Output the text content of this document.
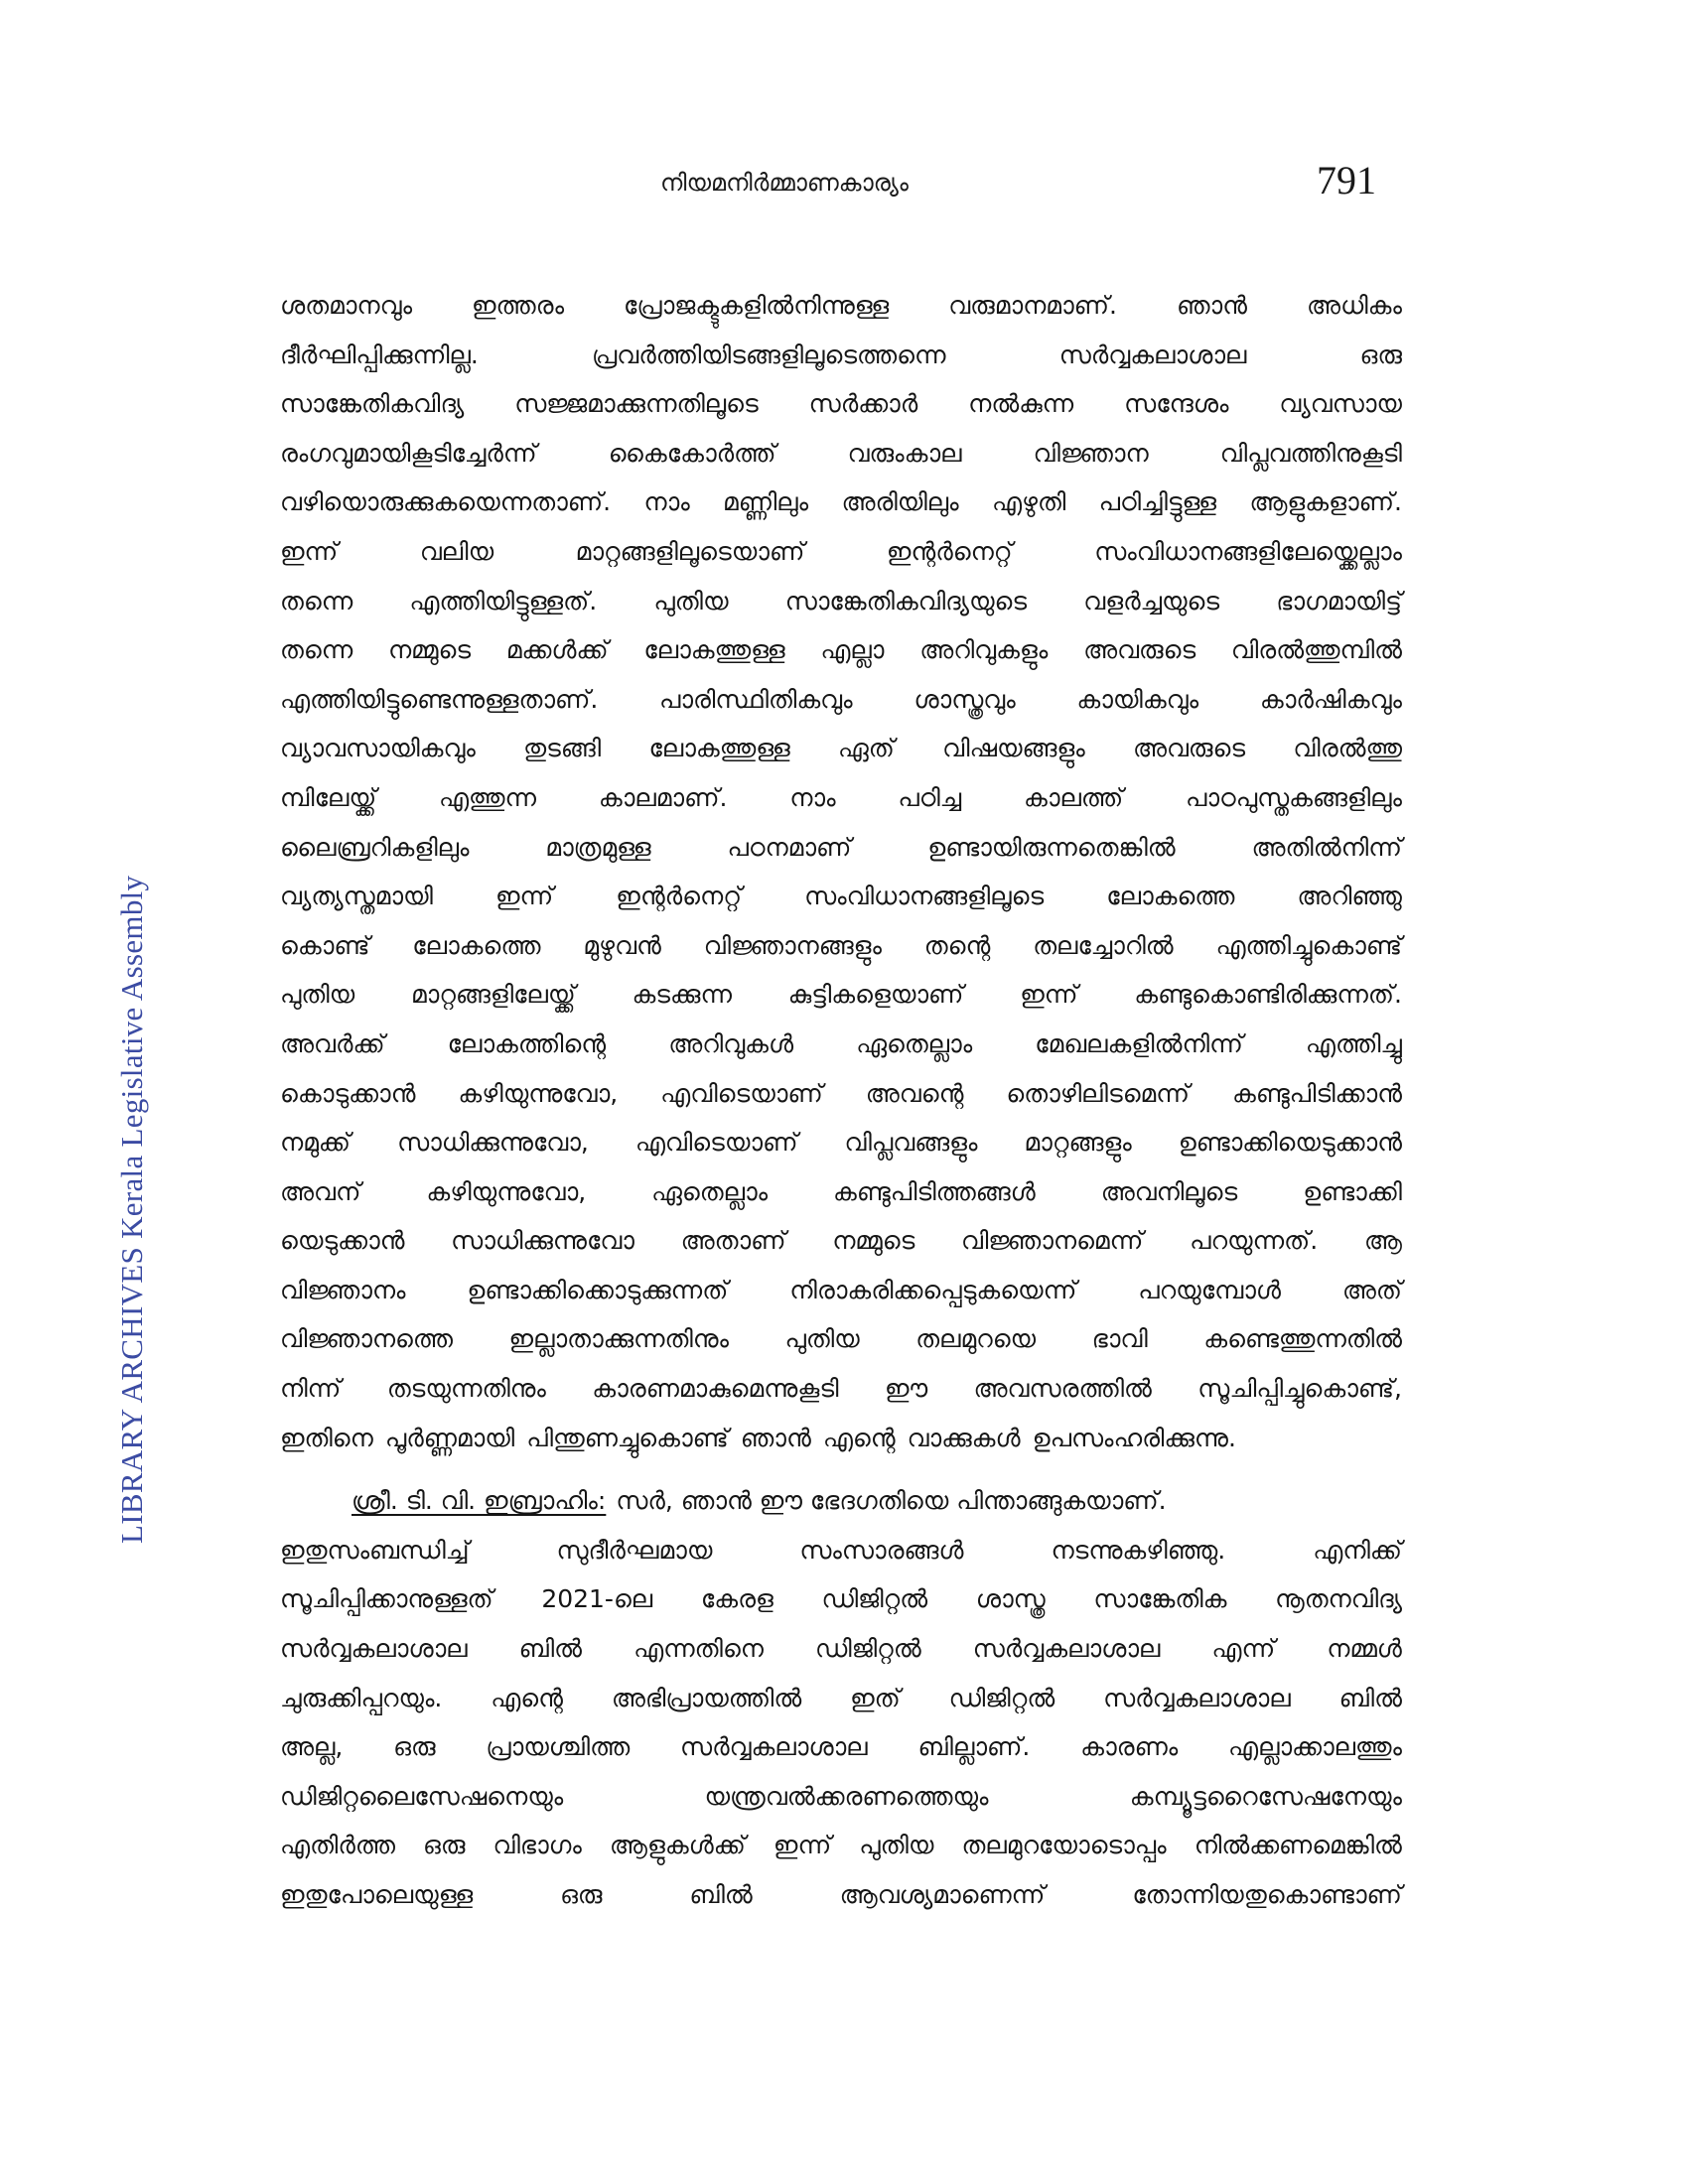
നിയമനിർമ്മാണകാര്യം	791
LIBRARY ARCHIVES Kerala Legislative Assembly
ശതമാനവും ഇത്തരം പ്രോജക്ടുകളിൽനിന്നുള്ള വരുമാനമാണ്. ഞാൻ അധികം
ദീർഘിപ്പിക്കുന്നില്ല.	പ്രവർത്തിയിടങ്ങളിലൂടെത്തന്നെ	സർവ്വകലാശാല	ഒരു
സാങ്കേതികവിദ്യ സജ്ജമാക്കുന്നതിലൂടെ സർക്കാർ നൽകുന്ന സന്ദേശം വ്യവസായ
രംഗവുമായികൂടിച്ചേർന്ന്	കൈകോർത്ത്	വരുംകാല	വിജ്ഞാന	വിപ്ലവത്തിനുകൂടി
വഴിയൊരുക്കുകയെന്നതാണ്. നാം മണ്ണിലും അരിയിലും എഴുതി പഠിച്ചിട്ടുള്ള ആളുകളാണ്.
ഇന്ന്	വലിയ	മാറ്റങ്ങളിലൂടെയാണ്	ഇന്റർനെറ്റ്	സംവിധാനങ്ങളിലേയ്ക്കെല്ലാം
തന്നെ എത്തിയിട്ടുള്ളത്. പുതിയ സാങ്കേതികവിദ്യയുടെ വളർച്ചയുടെ ഭാഗമായിട്ട്
തന്നെ നമ്മുടെ മക്കൾക്ക് ലോകത്തുള്ള എല്ലാ അറിവുകളും അവരുടെ വിരൽത്തുമ്പിൽ
എത്തിയിട്ടുണ്ടെന്നുള്ളതാണ്. പാരിസ്ഥിതികവും ശാസ്ത്രവും കായികവും കാർഷികവും
വ്യാവസായികവും തുടങ്ങി ലോകത്തുള്ള ഏത് വിഷയങ്ങളും അവരുടെ വിരൽത്തു
മ്പിലേയ്ക്ക്	എത്തുന്ന	കാലമാണ്.	നാം	പഠിച്ച	കാലത്ത്	പാഠപുസ്തകങ്ങളിലും
ലൈബ്രറികളിലും	മാത്രമുള്ള	പഠനമാണ്	ഉണ്ടായിരുന്നതെങ്കിൽ	അതിൽനിന്ന്
വ്യത്യസ്തമായി	ഇന്ന്	ഇന്റർനെറ്റ്	സംവിധാനങ്ങളിലൂടെ	ലോകത്തെ	അറിഞ്ഞു
കൊണ്ട് ലോകത്തെ മുഴുവൻ വിജ്ഞാനങ്ങളും തന്റെ തലച്ചോറിൽ എത്തിച്ചുകൊണ്ട്
പുതിയ മാറ്റങ്ങളിലേയ്ക്ക് കടക്കുന്ന കുട്ടികളെയാണ് ഇന്ന് കണ്ടുകൊണ്ടിരിക്കുന്നത്.
അവർക്ക്	ലോകത്തിന്റെ	അറിവുകൾ	ഏതെല്ലാം	മേഖലകളിൽനിന്ന്	എത്തിച്ചു
കൊടുക്കാൻ കഴിയുന്നുവോ, എവിടെയാണ് അവന്റെ തൊഴിലിടമെന്ന് കണ്ടുപിടിക്കാൻ
നമുക്ക് സാധിക്കുന്നുവോ, എവിടെയാണ് വിപ്ലവങ്ങളും മാറ്റങ്ങളും ഉണ്ടാക്കിയെടുക്കാൻ
അവന്	കഴിയുന്നുവോ,	ഏതെല്ലാം	കണ്ടുപിടിത്തങ്ങൾ	അവനിലൂടെ	ഉണ്ടാക്കി
യെടുക്കാൻ സാധിക്കുന്നുവോ അതാണ് നമ്മുടെ വിജ്ഞാനമെന്ന് പറയുന്നത്. ആ
വിജ്ഞാനം ഉണ്ടാക്കിക്കൊടുക്കുന്നത് നിരാകരിക്കപ്പെടുകയെന്ന് പറയുമ്പോൾ അത്
വിജ്ഞാനത്തെ ഇല്ലാതാക്കുന്നതിനും പുതിയ തലമുറയെ ഭാവി കണ്ടെത്തുന്നതിൽ
നിന്ന് തടയുന്നതിനും കാരണമാകുമെന്നുകൂടി ഈ അവസരത്തിൽ സൂചിപ്പിച്ചുകൊണ്ട്,
ഇതിനെ പൂർണ്ണമായി പിന്തുണച്ചുകൊണ്ട് ഞാൻ എന്റെ വാക്കുകൾ ഉപസംഹരിക്കുന്നു.
ശ്രീ. ടി. വി. ഇബ്രാഹിം: സർ, ഞാൻ ഈ ഭേദഗതിയെ പിന്താങ്ങുകയാണ്.
ഇതുസംബന്ധിച്ച്	സുദീർഘമായ	സംസാരങ്ങൾ	നടന്നുകഴിഞ്ഞു.	എനിക്ക്
സൂചിപ്പിക്കാനുള്ളത് 2021-ലെ കേരള ഡിജിറ്റൽ ശാസ്ത്ര സാങ്കേതിക നൂതനവിദ്യ
സർവ്വകലാശാല ബിൽ എന്നതിനെ ഡിജിറ്റൽ സർവ്വകലാശാല എന്ന് നമ്മൾ
ചുരുക്കിപ്പറയും. എന്റെ അഭിപ്രായത്തിൽ ഇത് ഡിജിറ്റൽ സർവ്വകലാശാല ബിൽ
അല്ല, ഒരു പ്രായശ്ചിത്ത സർവ്വകലാശാല ബില്ലാണ്. കാരണം എല്ലാക്കാലത്തും
ഡിജിറ്റലൈസേഷനെയും	യന്ത്രവൽക്കരണത്തെയും	കമ്പ്യൂട്ടറൈസേഷനേയും
എതിർത്ത ഒരു വിഭാഗം ആളുകൾക്ക് ഇന്ന് പുതിയ തലമുറയോടൊപ്പം നിൽക്കണമെങ്കിൽ
ഇതുപോലെയുള്ള	ഒരു	ബിൽ	ആവശ്യമാണെന്ന്	തോന്നിയതുകൊണ്ടാണ്
